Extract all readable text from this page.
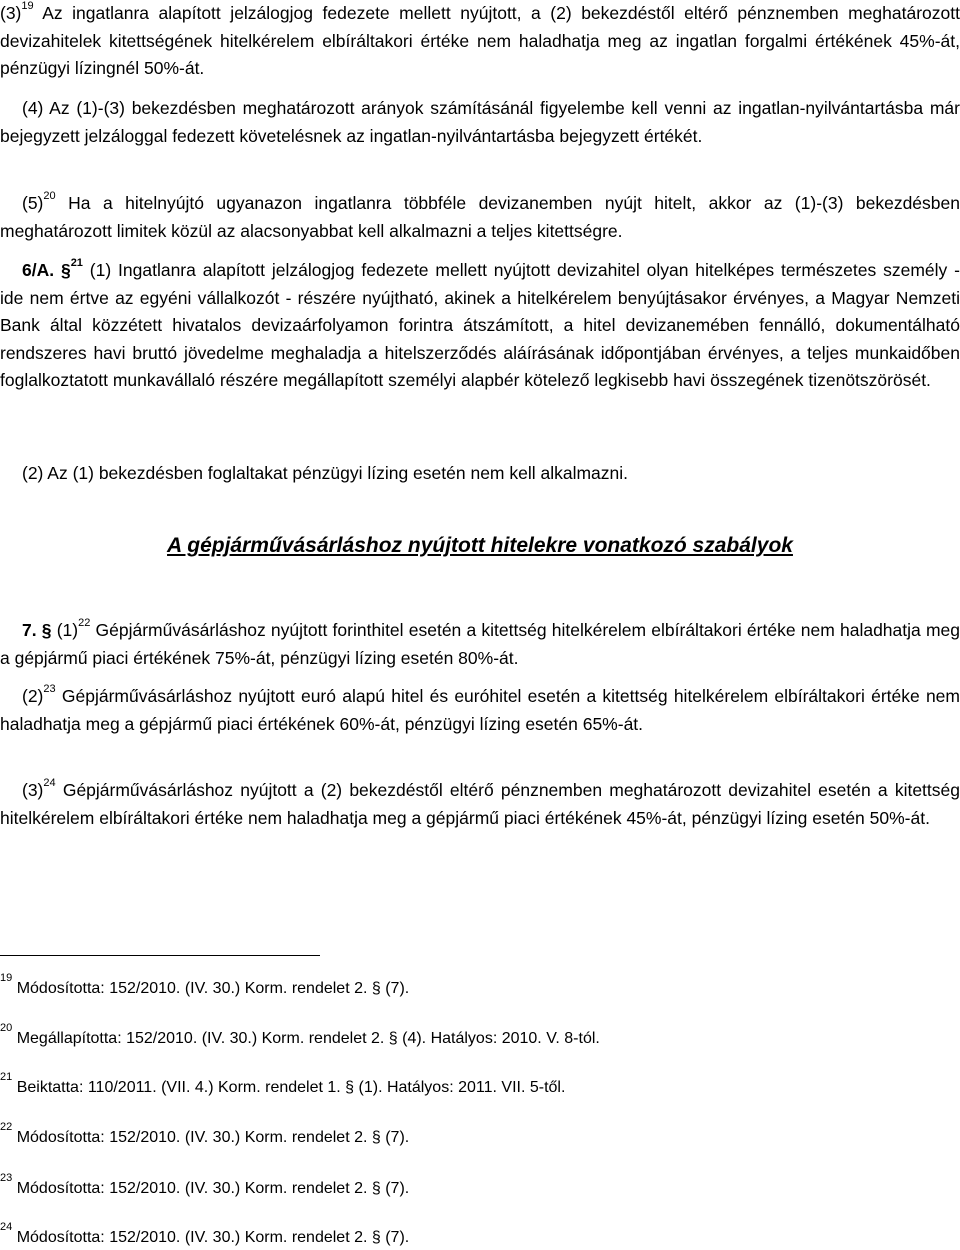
$(3)^{19}$ Az ingatlanra alapított jelzálogjog fedezete mellett nyújtott, a (2) bekezdéstől eltérő pénznemben meghatározott devizahitelek kitettségének hitelkérelem elbíráltakori értéke nem haladhatja meg az ingatlan forgalmi értékének 45%-át, pénzügyi lízingnél 50%-át.

(4) Az (1)-(3) bekezdésben meghatározott arányok számításánál figyelembe kell venni az ingatlan-nyilvántartásba már bejegyzett jelzáloggal fedezett követelésnek az ingatlan-nyilvántartásba bejegyzett értékét.

$(5)^{20}$ Ha a hitelnyújtó ugyanazon ingatlanra többféle devizanemben nyújt hitelt, akkor az (1)-(3) bekezdésben meghatározott limitek közül az alacsonyabbat kell alkalmazni a teljes kitettségre.

6/A. §$^{21}$ (1) Ingatlanra alapított jelzálogjog fedezete mellett nyújtott devizahitel olyan hitelképes természetes személy - ide nem értve az egyéni vállalkozót - részére nyújtható, akinek a hitelkérelem benyújtásakor érvényes, a Magyar Nemzeti Bank által közzétett hivatalos devizaárfolyamon forintra átszámított, a hitel devizanemében fennálló, dokumentálható rendszeres havi bruttó jövedelme meghaladja a hitelszerződés aláírásának időpontjában érvényes, a teljes munkaidőben foglalkoztatott munkavállaló részére megállapított személyi alapbér kötelező legkisebb havi összegének tizenötszörösét.

(2) Az (1) bekezdésben foglaltakat pénzügyi lízing esetén nem kell alkalmazni.

A gépjárművásárláshoz nyújtott hitelekre vonatkozó szabályok

7. § $(1)^{22}$ Gépjárművásárláshoz nyújtott forinthitel esetén a kitettség hitelkérelem elbíráltakori értéke nem haladhatja meg a gépjármű piaci értékének 75%-át, pénzügyi lízing esetén 80%-át.

$(2)^{23}$ Gépjárművásárláshoz nyújtott euró alapú hitel és euróhitel esetén a kitettség hitelkérelem elbíráltakori értéke nem haladhatja meg a gépjármű piaci értékének 60%-át, pénzügyi lízing esetén 65%-át.

$(3)^{24}$ Gépjárművásárláshoz nyújtott a (2) bekezdéstől eltérő pénznemben meghatározott devizahitel esetén a kitettség hitelkérelem elbíráltakori értéke nem haladhatja meg a gépjármű piaci értékének 45%-át, pénzügyi lízing esetén 50%-át.

$^{19}$ Módosította: 152/2010. (IV. 30.) Korm. rendelet 2. § (7).
$^{20}$ Megállapította: 152/2010. (IV. 30.) Korm. rendelet 2. § (4). Hatályos: 2010. V. 8-tól.
$^{21}$ Beiktatta: 110/2011. (VII. 4.) Korm. rendelet 1. § (1). Hatályos: 2011. VII. 5-től.
$^{22}$ Módosította: 152/2010. (IV. 30.) Korm. rendelet 2. § (7).
$^{23}$ Módosította: 152/2010. (IV. 30.) Korm. rendelet 2. § (7).
$^{24}$ Módosította: 152/2010. (IV. 30.) Korm. rendelet 2. § (7).
